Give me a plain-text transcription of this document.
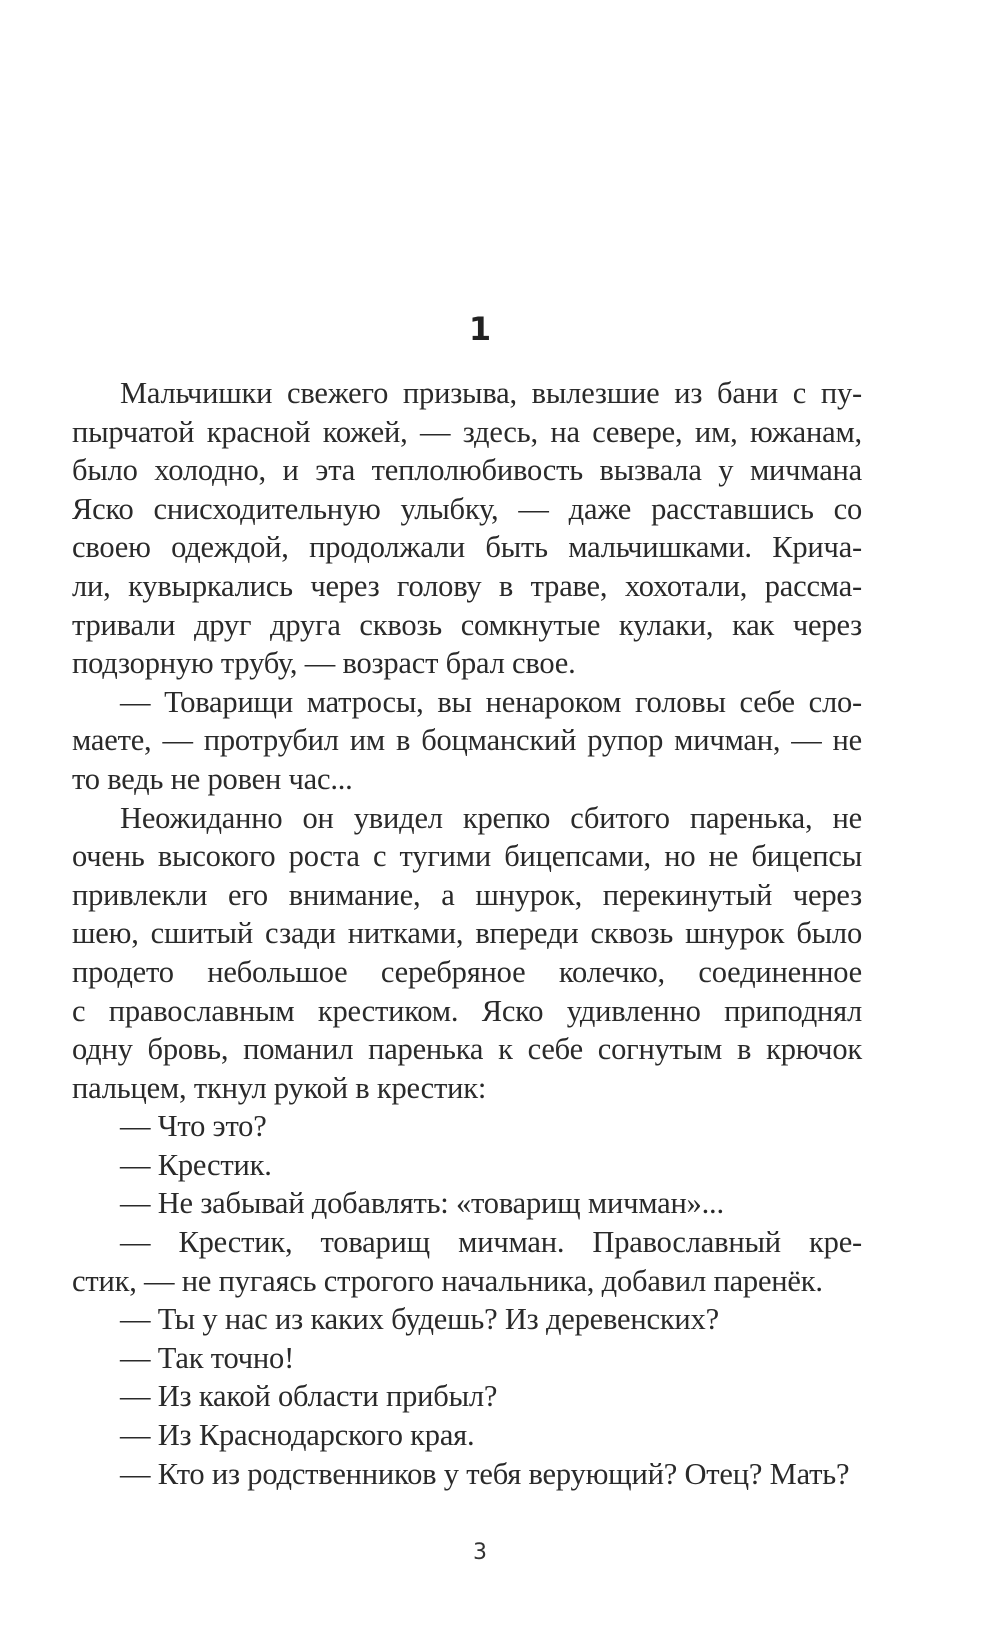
1
Мальчишки свежего призыва, вылезшие из бани с пу-
пырчатой красной кожей, — здесь, на севере, им, южанам,
было холодно, и эта теплолюбивость вызвала у мичмана
Яско снисходительную улыбку, — даже расставшись со
своею одеждой, продолжали быть мальчишками. Крича-
ли, кувыркались через голову в траве, хохотали, рассма-
тривали друг друга сквозь сомкнутые кулаки, как через
подзорную трубу, — возраст брал свое.
— Товарищи матросы, вы ненароком головы себе сло-
маете, — протрубил им в боцманский рупор мичман, — не
то ведь не ровен час...
Неожиданно он увидел крепко сбитого паренька, не
очень высокого роста с тугими бицепсами, но не бицепсы
привлекли его внимание, а шнурок, перекинутый через
шею, сшитый сзади нитками, впереди сквозь шнурок было
продето небольшое серебряное колечко, соединенное
с православным крестиком. Яско удивленно приподнял
одну бровь, поманил паренька к себе согнутым в крючок
пальцем, ткнул рукой в крестик:
— Что это?
— Крестик.
— Не забывай добавлять: «товарищ мичман»...
— Крестик, товарищ мичман. Православный кре-
стик, — не пугаясь строгого начальника, добавил паренёк.
— Ты у нас из каких будешь? Из деревенских?
— Так точно!
— Из какой области прибыл?
— Из Краснодарского края.
— Кто из родственников у тебя верующий? Отец? Мать?
3
